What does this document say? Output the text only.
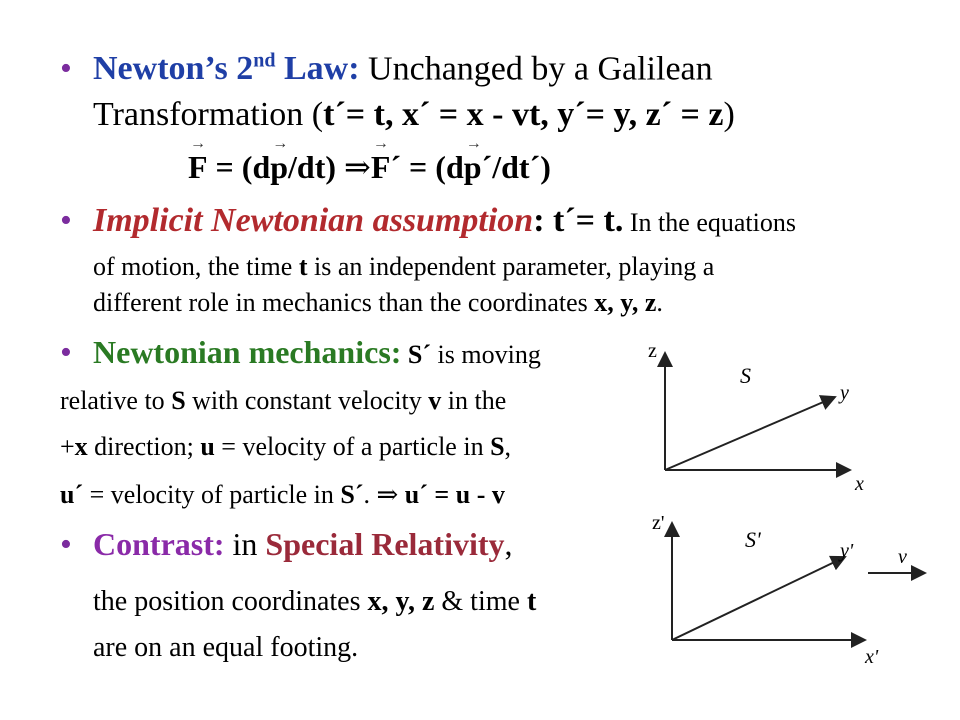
• Newton’s 2nd Law: Unchanged by a Galilean
Transformation (t´= t, x´ = x - vt, y´= y, z´ = z)
→
F = (d
→
p/dt) ⇒
→
F´ = (d
→
p´/dt´)
• Implicit Newtonian assumption: t´= t. In the equations
of motion, the time t is an independent parameter, playing a
different role in mechanics than the coordinates x, y, z.
• Newtonian mechanics: S´ is moving
relative to S with constant velocity v in the
+x direction; u = velocity of a particle in S,
u´ = velocity of particle in S´. ⇒ u´ = u - v
• Contrast: in Special Relativity,
the position coordinates x, y, z & time t
are on an equal footing.
z
S
y
x
z'
S'	y' v
x'
